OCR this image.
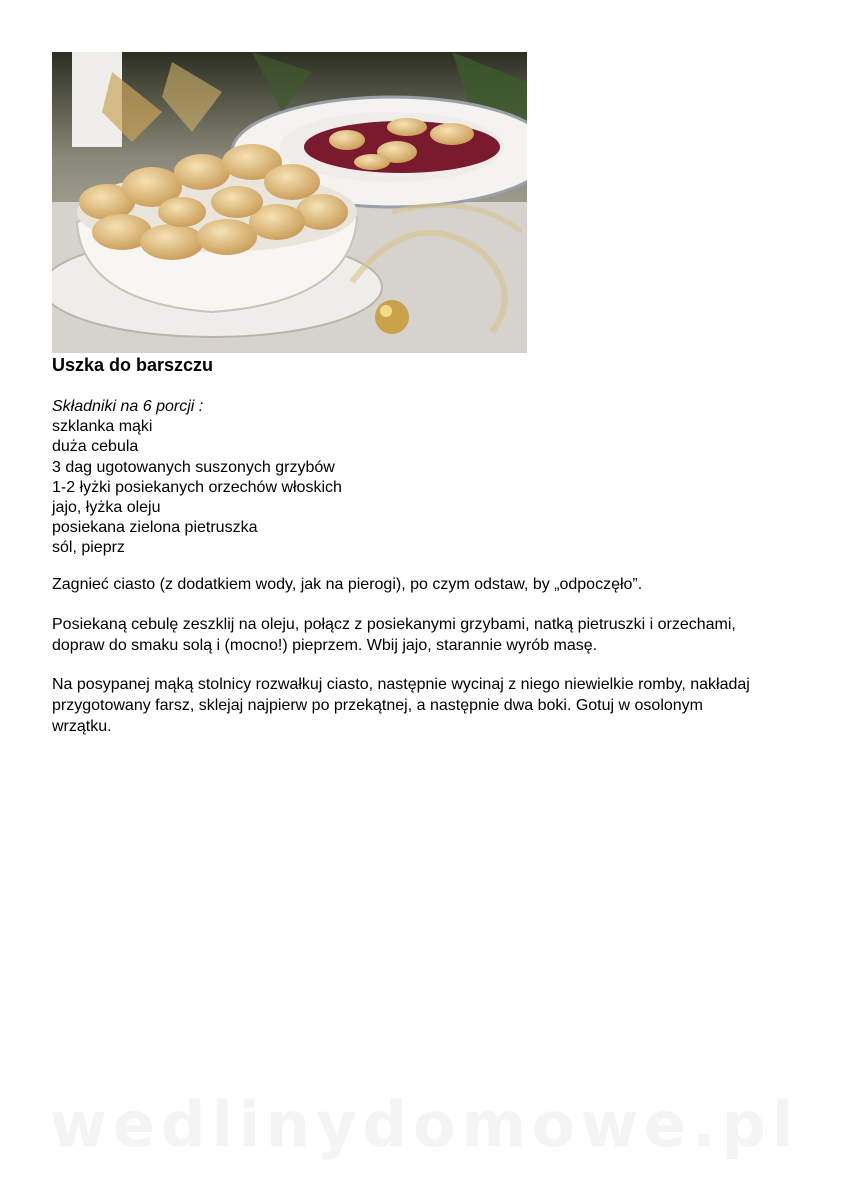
Uszka do barszczu
Składniki na 6 porcji :
szklanka mąki
duża cebula
3 dag ugotowanych suszonych grzybów
1-2 łyżki posiekanych orzechów włoskich
jajo, łyżka oleju
posiekana zielona pietruszka
sól, pieprz

Zagnieć ciasto (z dodatkiem wody, jak na pierogi), po czym odstaw, by „odpoczęło”.

Posiekaną cebulę zeszklij na oleju, połącz z posiekanymi grzybami, natką pietruszki i orzechami, dopraw do smaku solą i (mocno!) pieprzem. Wbij jajo, starannie wyrób masę.

Na posypanej mąką stolnicy rozwałkuj ciasto, następnie wycinaj z niego niewielkie romby, nakładaj przygotowany farsz, sklejaj najpierw po przekątnej, a następnie dwa boki. Gotuj w osolonym wrzątku.

wedlinydomowe.pl
